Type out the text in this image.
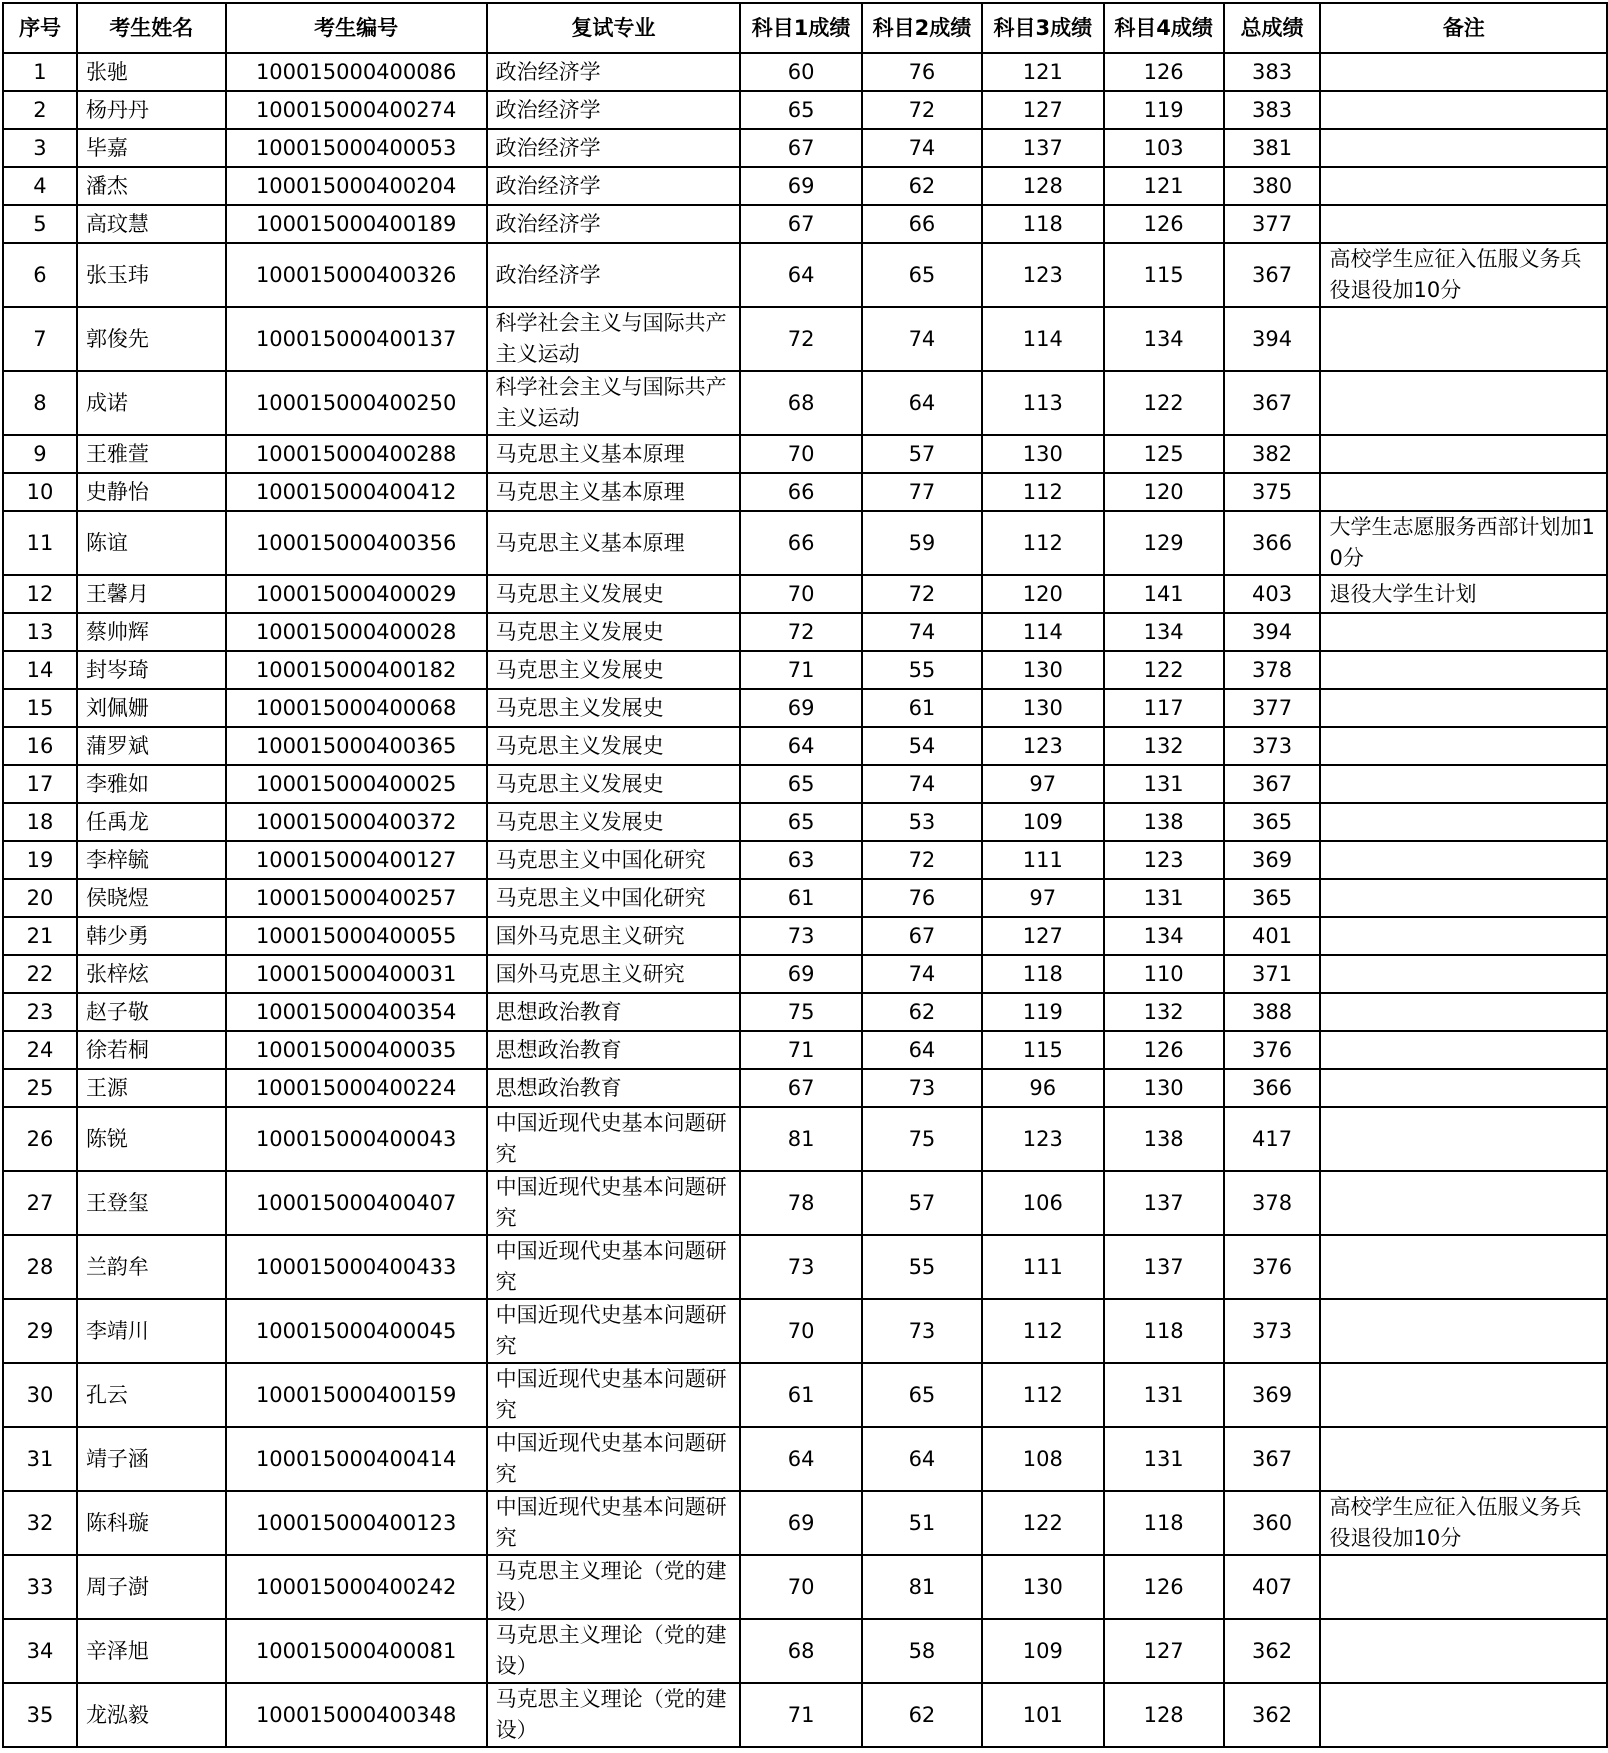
序号	考生姓名	考生编号	复试专业	科目1成绩	科目2成绩	科目3成绩	科目4成绩	总成绩	备注
1	张驰	100015000400086	政治经济学	60	76	121	126	383	
2	杨丹丹	100015000400274	政治经济学	65	72	127	119	383	
3	毕嘉	100015000400053	政治经济学	67	74	137	103	381	
4	潘杰	100015000400204	政治经济学	69	62	128	121	380	
5	高玟慧	100015000400189	政治经济学	67	66	118	126	377	
6	张玉玮	100015000400326	政治经济学	64	65	123	115	367	高校学生应征入伍服义务兵役退役加10分
7	郭俊先	100015000400137	科学社会主义与国际共产主义运动	72	74	114	134	394	
8	成诺	100015000400250	科学社会主义与国际共产主义运动	68	64	113	122	367	
9	王雅萱	100015000400288	马克思主义基本原理	70	57	130	125	382	
10	史静怡	100015000400412	马克思主义基本原理	66	77	112	120	375	
11	陈谊	100015000400356	马克思主义基本原理	66	59	112	129	366	大学生志愿服务西部计划加10分
12	王馨月	100015000400029	马克思主义发展史	70	72	120	141	403	退役大学生计划
13	蔡帅辉	100015000400028	马克思主义发展史	72	74	114	134	394	
14	封岑琦	100015000400182	马克思主义发展史	71	55	130	122	378	
15	刘佩姗	100015000400068	马克思主义发展史	69	61	130	117	377	
16	蒲罗斌	100015000400365	马克思主义发展史	64	54	123	132	373	
17	李雅如	100015000400025	马克思主义发展史	65	74	97	131	367	
18	任禹龙	100015000400372	马克思主义发展史	65	53	109	138	365	
19	李梓毓	100015000400127	马克思主义中国化研究	63	72	111	123	369	
20	侯晓煜	100015000400257	马克思主义中国化研究	61	76	97	131	365	
21	韩少勇	100015000400055	国外马克思主义研究	73	67	127	134	401	
22	张梓炫	100015000400031	国外马克思主义研究	69	74	118	110	371	
23	赵子敬	100015000400354	思想政治教育	75	62	119	132	388	
24	徐若桐	100015000400035	思想政治教育	71	64	115	126	376	
25	王源	100015000400224	思想政治教育	67	73	96	130	366	
26	陈锐	100015000400043	中国近现代史基本问题研究	81	75	123	138	417	
27	王登玺	100015000400407	中国近现代史基本问题研究	78	57	106	137	378	
28	兰韵牟	100015000400433	中国近现代史基本问题研究	73	55	111	137	376	
29	李靖川	100015000400045	中国近现代史基本问题研究	70	73	112	118	373	
30	孔云	100015000400159	中国近现代史基本问题研究	61	65	112	131	369	
31	靖子涵	100015000400414	中国近现代史基本问题研究	64	64	108	131	367	
32	陈科璇	100015000400123	中国近现代史基本问题研究	69	51	122	118	360	高校学生应征入伍服义务兵役退役加10分
33	周子澍	100015000400242	马克思主义理论（党的建设）	70	81	130	126	407	
34	辛泽旭	100015000400081	马克思主义理论（党的建设）	68	58	109	127	362	
35	龙泓毅	100015000400348	马克思主义理论（党的建设）	71	62	101	128	362	
